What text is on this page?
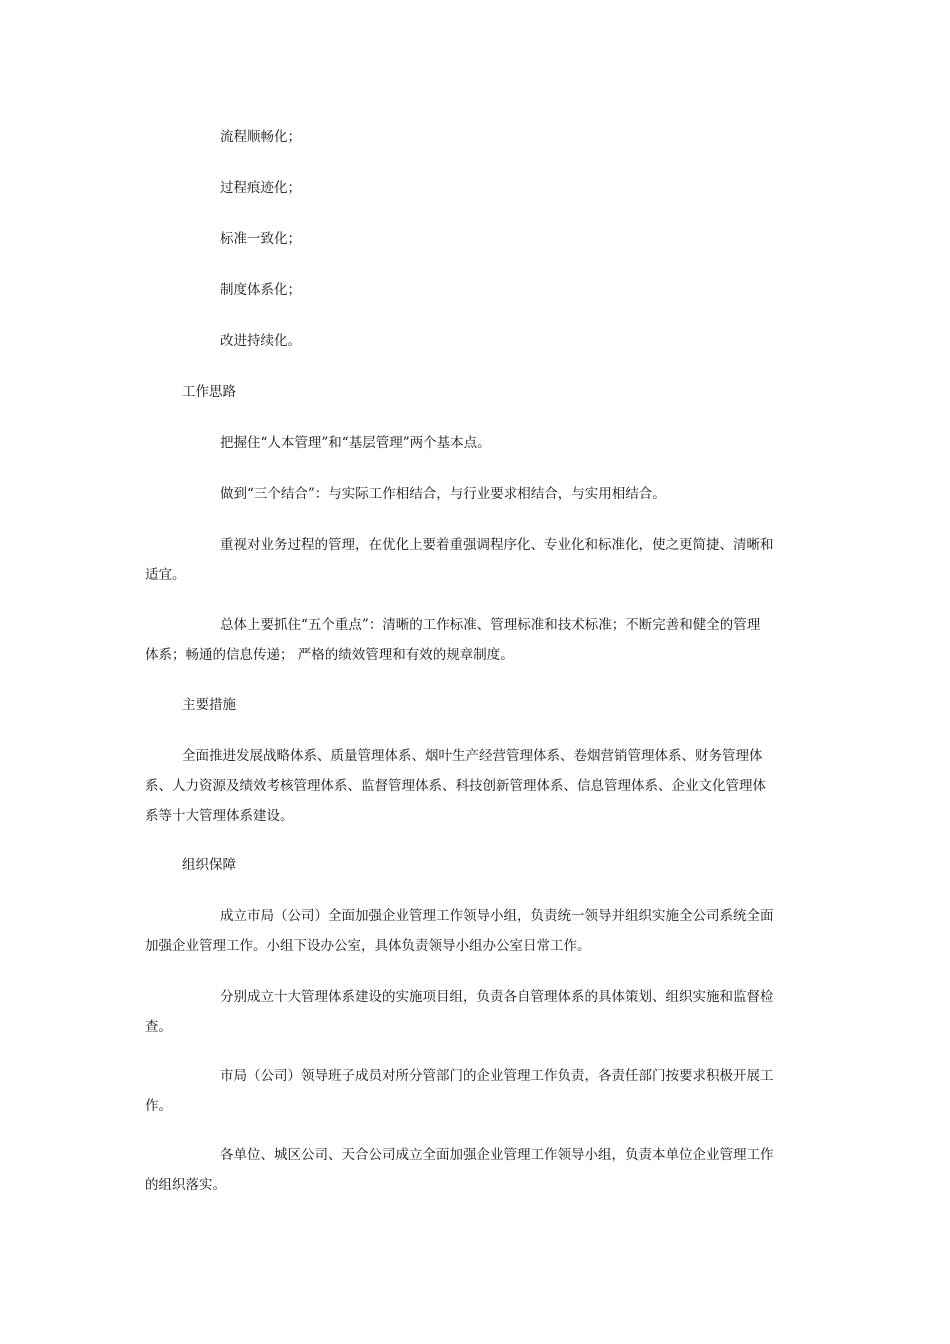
流程顺畅化；

过程痕迹化；

标准一致化；

制度体系化；

改进持续化。

工作思路

把握住“人本管理”和“基层管理”两个基本点。

做到“三个结合”：与实际工作相结合，与行业要求相结合，与实用相结合。

重视对业务过程的管理，在优化上要着重强调程序化、专业化和标准化，使之更简捷、清晰和
适宜。
总体上要抓住“五个重点”：清晰的工作标准、管理标准和技术标准；不断完善和健全的管理
体系；畅通的信息传递； 严格的绩效管理和有效的规章制度。

主要措施

全面推进发展战略体系、质量管理体系、烟叶生产经营管理体系、卷烟营销管理体系、财务管理体
系、人力资源及绩效考核管理体系、监督管理体系、科技创新管理体系、信息管理体系、企业文化管理体
系等十大管理体系建设。

组织保障

成立市局（公司）全面加强企业管理工作领导小组，负责统一领导并组织实施全公司系统全面
加强企业管理工作。小组下设办公室，具体负责领导小组办公室日常工作。
分别成立十大管理体系建设的实施项目组，负责各自管理体系的具体策划、组织实施和监督检
查。
市局（公司）领导班子成员对所分管部门的企业管理工作负责，各责任部门按要求积极开展工
作。
各单位、城区公司、天合公司成立全面加强企业管理工作领导小组，负责本单位企业管理工作
的组织落实。
